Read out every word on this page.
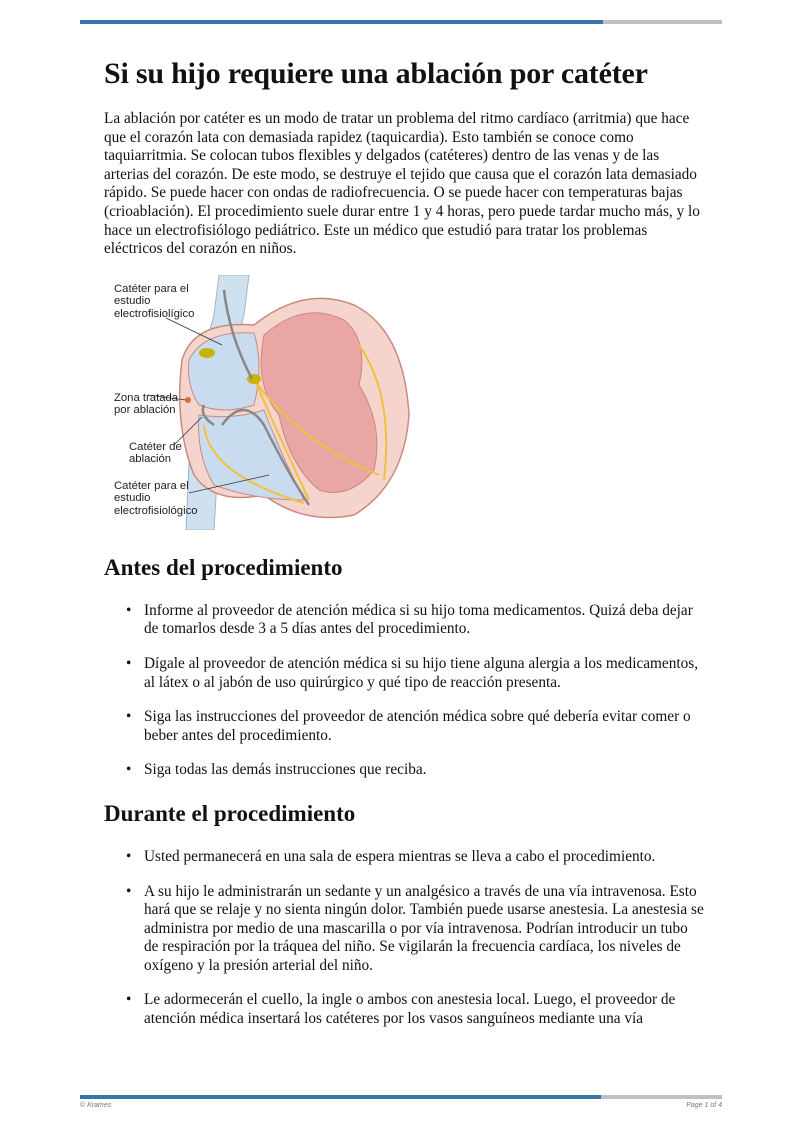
Si su hijo requiere una ablación por catéter

La ablación por catéter es un modo de tratar un problema del ritmo cardíaco (arritmia) que hace que el corazón lata con demasiada rapidez (taquicardia). Esto también se conoce como taquiarritmia. Se colocan tubos flexibles y delgados (catéteres) dentro de las venas y de las arterias del corazón. De este modo, se destruye el tejido que causa que el corazón lata demasiado rápido. Se puede hacer con ondas de radiofrecuencia. O se puede hacer con temperaturas bajas (crioablación). El procedimiento suele durar entre 1 y 4 horas, pero puede tardar mucho más, y lo hace un electrofisiólogo pediátrico. Este un médico que estudió para tratar los problemas eléctricos del corazón en niños.

Catéter para el estudio electrofisiolígico
Zona tratada por ablación
Catéter de ablación
Catéter para el estudio electrofisiológico
Antes del procedimiento
• Informe al proveedor de atención médica si su hijo toma medicamentos. Quizá deba dejar de tomarlos desde 3 a 5 días antes del procedimiento.
• Dígale al proveedor de atención médica si su hijo tiene alguna alergia a los medicamentos, al látex o al jabón de uso quirúrgico y qué tipo de reacción presenta.
• Siga las instrucciones del proveedor de atención médica sobre qué debería evitar comer o beber antes del procedimiento.
• Siga todas las demás instrucciones que reciba.
Durante el procedimiento
• Usted permanecerá en una sala de espera mientras se lleva a cabo el procedimiento.
• A su hijo le administrarán un sedante y un analgésico a través de una vía intravenosa. Esto hará que se relaje y no sienta ningún dolor. También puede usarse anestesia. La anestesia se administra por medio de una mascarilla o por vía intravenosa. Podrían introducir un tubo de respiración por la tráquea del niño. Se vigilarán la frecuencia cardíaca, los niveles de oxígeno y la presión arterial del niño.
• Le adormecerán el cuello, la ingle o ambos con anestesia local. Luego, el proveedor de atención médica insertará los catéteres por los vasos sanguíneos mediante una vía
© Krames	Page 1 of 4
